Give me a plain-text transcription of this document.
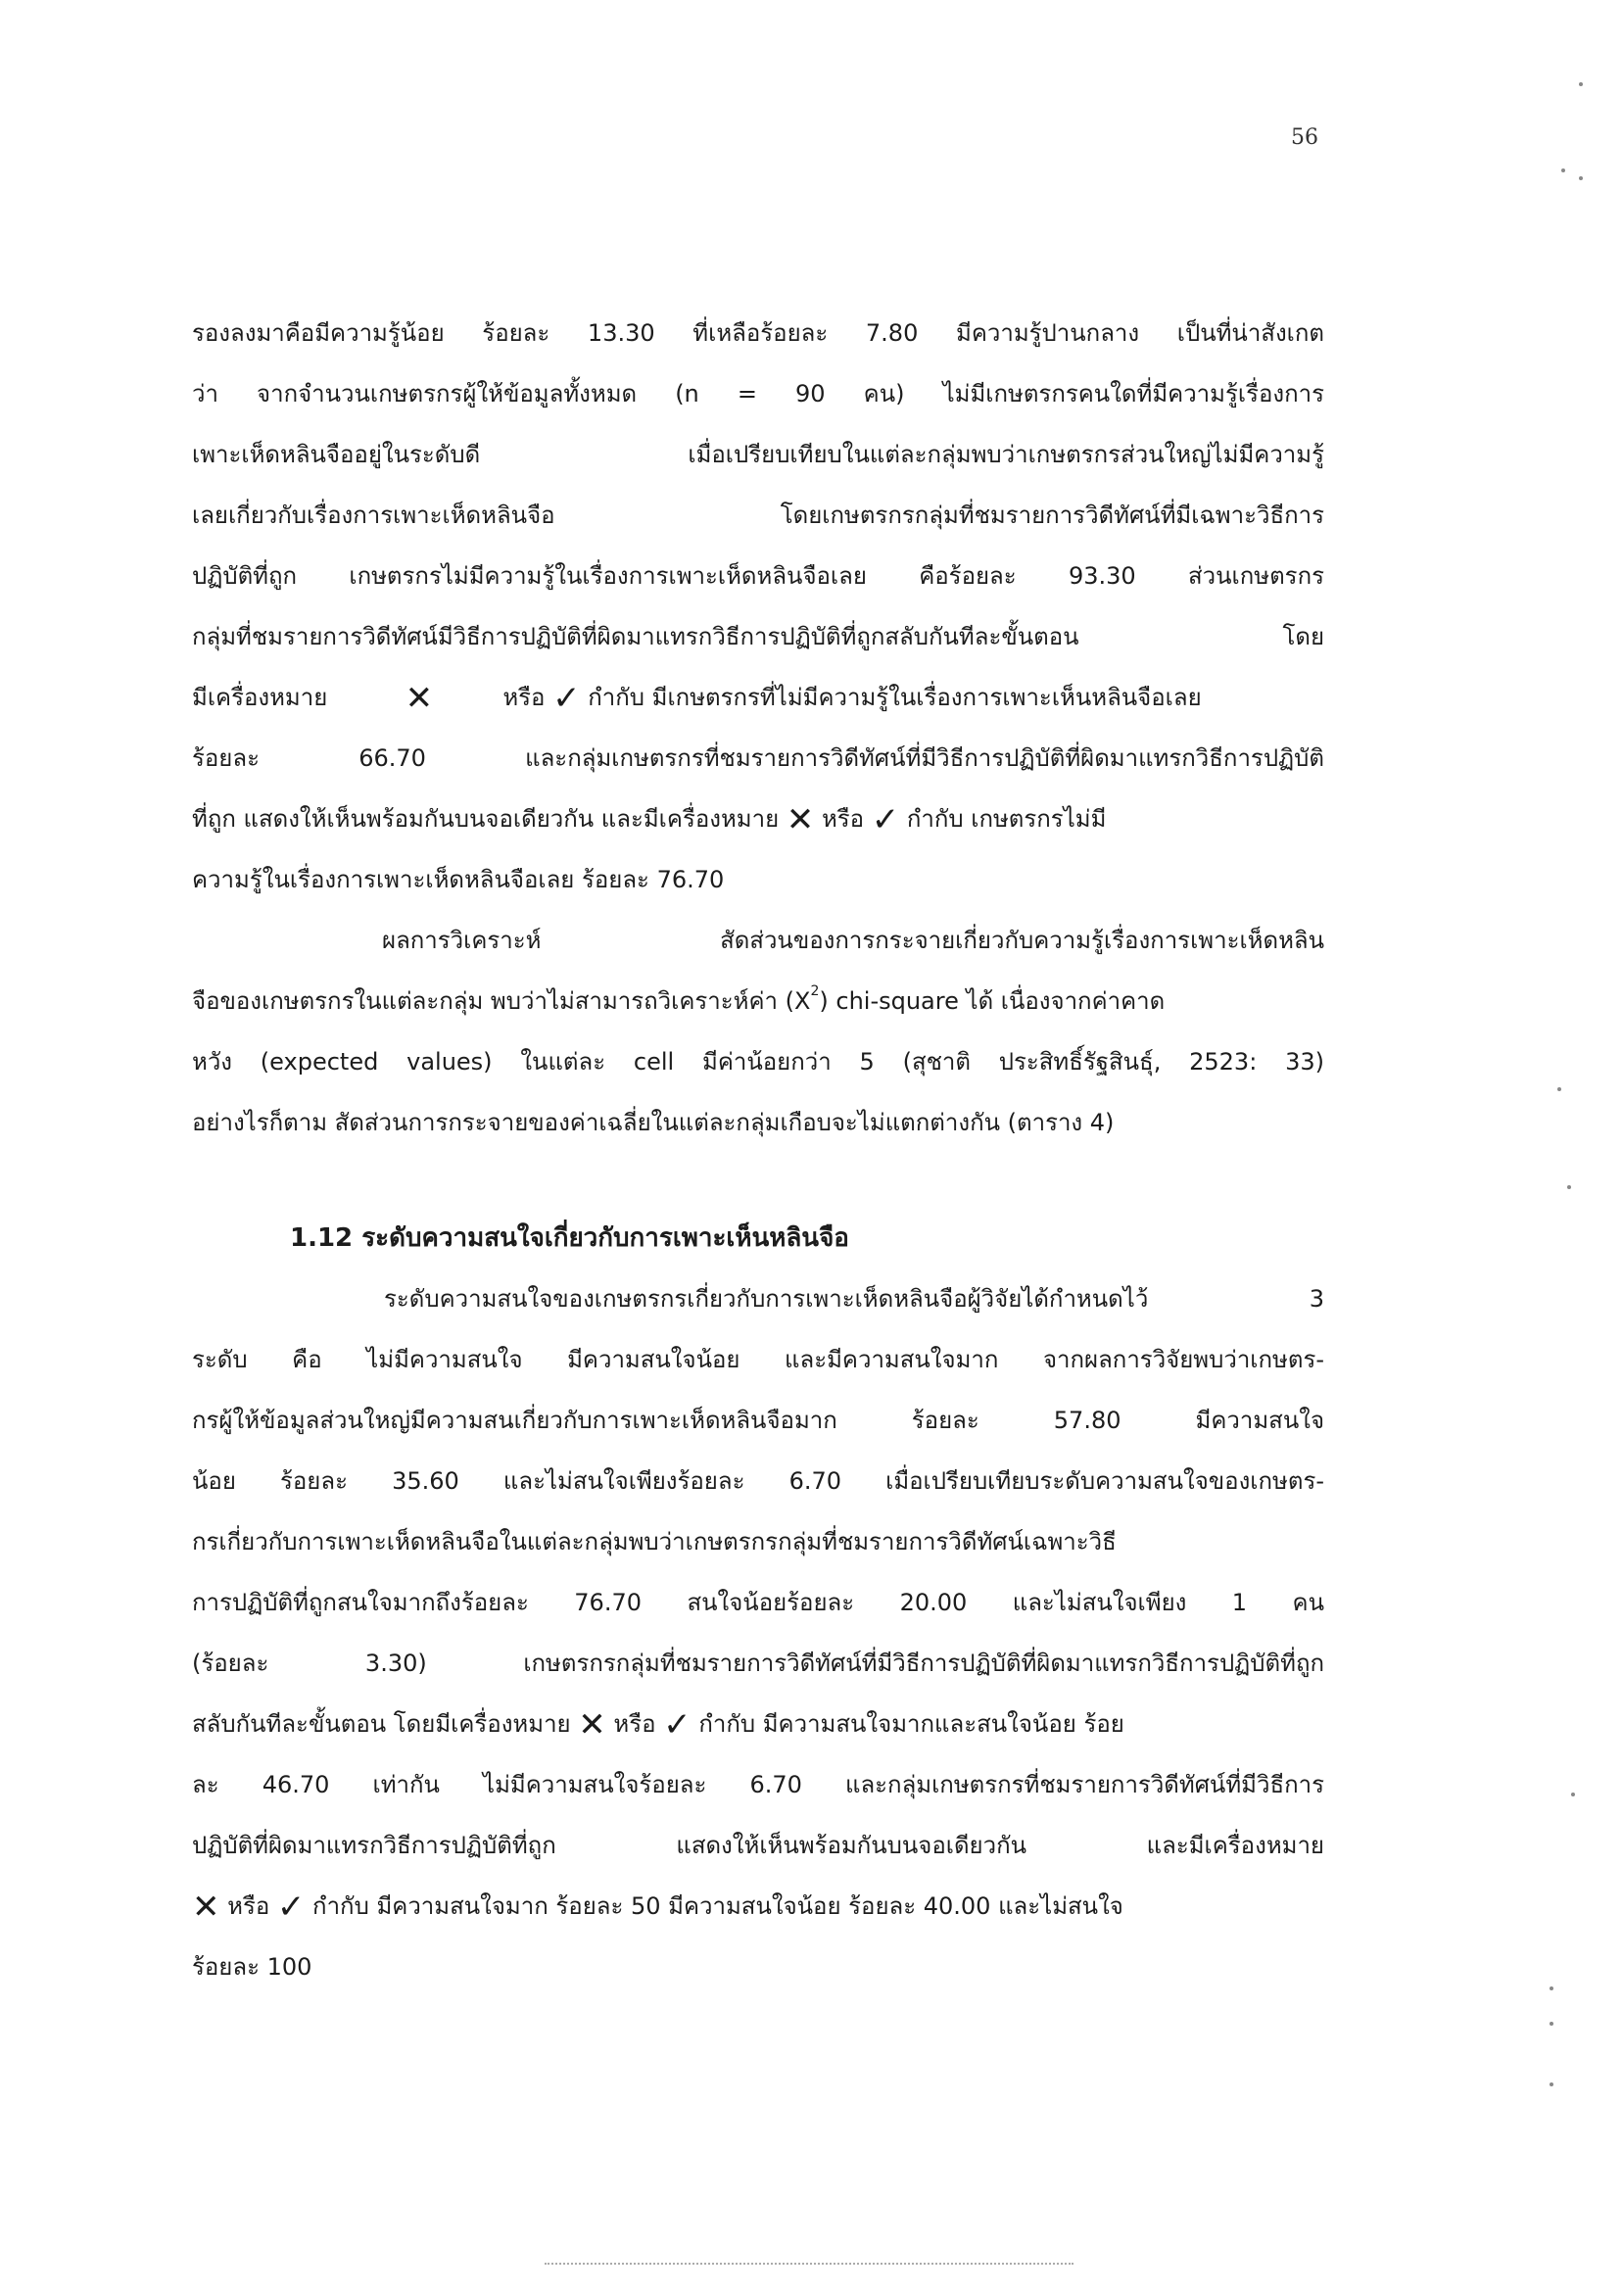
56
รองลงมาคือมีความรู้น้อย ร้อยละ 13.30 ที่เหลือร้อยละ 7.80 มีความรู้ปานกลาง เป็นที่น่าสังเกต
ว่า จากจำนวนเกษตรกรผู้ให้ข้อมูลทั้งหมด (n = 90 คน) ไม่มีเกษตรกรคนใดที่มีความรู้เรื่องการ
เพาะเห็ดหลินจืออยู่ในระดับดี เมื่อเปรียบเทียบในแต่ละกลุ่มพบว่าเกษตรกรส่วนใหญ่ไม่มีความรู้
เลยเกี่ยวกับเรื่องการเพาะเห็ดหลินจือ โดยเกษตรกรกลุ่มที่ชมรายการวิดีทัศน์ที่มีเฉพาะวิธีการ
ปฏิบัติที่ถูก เกษตรกรไม่มีความรู้ในเรื่องการเพาะเห็ดหลินจือเลย คือร้อยละ 93.30 ส่วนเกษตรกร
กลุ่มที่ชมรายการวิดีทัศน์มีวิธีการปฏิบัติที่ผิดมาแทรกวิธีการปฏิบัติที่ถูกสลับกันทีละขั้นตอน โดย
มีเครื่องหมาย ✕	หรือ ✓ กำกับ มีเกษตรกรที่ไม่มีความรู้ในเรื่องการเพาะเห็นหลินจือเลย
ร้อยละ 66.70 และกลุ่มเกษตรกรที่ชมรายการวิดีทัศน์ที่มีวิธีการปฏิบัติที่ผิดมาแทรกวิธีการปฏิบัติ
ที่ถูก แสดงให้เห็นพร้อมกันบนจอเดียวกัน และมีเครื่องหมาย ✕ หรือ ✓ กำกับ เกษตรกรไม่มี
ความรู้ในเรื่องการเพาะเห็ดหลินจือเลย ร้อยละ 76.70
ผลการวิเคราะห์ สัดส่วนของการกระจายเกี่ยวกับความรู้เรื่องการเพาะเห็ดหลิน
จือของเกษตรกรในแต่ละกลุ่ม พบว่าไม่สามารถวิเคราะห์ค่า $(X^2)$ chi-square ได้ เนื่องจากค่าคาด
หวัง (expected values) ในแต่ละ cell มีค่าน้อยกว่า 5 (สุชาติ ประสิทธิ์รัฐสินธุ์, 2523: 33)
อย่างไรก็ตาม สัดส่วนการกระจายของค่าเฉลี่ยในแต่ละกลุ่มเกือบจะไม่แตกต่างกัน (ตาราง 4)
1.12 ระดับความสนใจเกี่ยวกับการเพาะเห็นหลินจือ
ระดับความสนใจของเกษตรกรเกี่ยวกับการเพาะเห็ดหลินจือผู้วิจัยได้กำหนดไว้ 3
ระดับ คือ ไม่มีความสนใจ มีความสนใจน้อย และมีความสนใจมาก จากผลการวิจัยพบว่าเกษตร-
กรผู้ให้ข้อมูลส่วนใหญ่มีความสนเกี่ยวกับการเพาะเห็ดหลินจือมาก ร้อยละ 57.80 มีความสนใจ
น้อย ร้อยละ 35.60 และไม่สนใจเพียงร้อยละ 6.70 เมื่อเปรียบเทียบระดับความสนใจของเกษตร-
กรเกี่ยวกับการเพาะเห็ดหลินจือในแต่ละกลุ่มพบว่าเกษตรกรกลุ่มที่ชมรายการวิดีทัศน์เฉพาะวิธี
การปฏิบัติที่ถูกสนใจมากถึงร้อยละ 76.70 สนใจน้อยร้อยละ 20.00 และไม่สนใจเพียง 1 คน
(ร้อยละ 3.30) เกษตรกรกลุ่มที่ชมรายการวิดีทัศน์ที่มีวิธีการปฏิบัติที่ผิดมาแทรกวิธีการปฏิบัติที่ถูก
สลับกันทีละขั้นตอน โดยมีเครื่องหมาย ✕ หรือ ✓ กำกับ มีความสนใจมากและสนใจน้อย ร้อย
ละ 46.70 เท่ากัน ไม่มีความสนใจร้อยละ 6.70 และกลุ่มเกษตรกรที่ชมรายการวิดีทัศน์ที่มีวิธีการ
ปฏิบัติที่ผิดมาแทรกวิธีการปฏิบัติที่ถูก แสดงให้เห็นพร้อมกันบนจอเดียวกัน และมีเครื่องหมาย
✕ หรือ ✓ กำกับ มีความสนใจมาก ร้อยละ 50 มีความสนใจน้อย ร้อยละ 40.00 และไม่สนใจ
ร้อยละ 100
